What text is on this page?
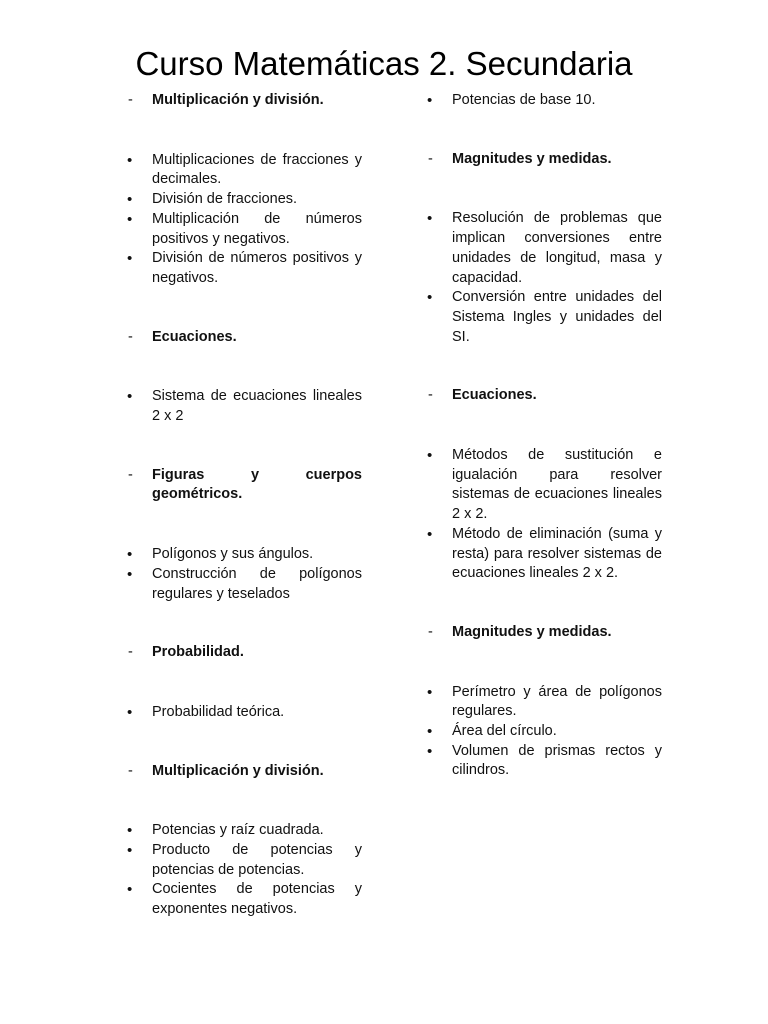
Curso Matemáticas 2. Secundaria
- Multiplicación y división.
• Multiplicaciones de fracciones y decimales.
• División de fracciones.
• Multiplicación de números positivos y negativos.
• División de números positivos y negativos.
- Ecuaciones.
• Sistema de ecuaciones lineales 2 x 2
- Figuras y cuerpos geométricos.
• Polígonos y sus ángulos.
• Construcción de polígonos regulares y teselados
- Probabilidad.
• Probabilidad teórica.
- Multiplicación y división.
• Potencias y raíz cuadrada.
• Producto de potencias y potencias de potencias.
• Cocientes de potencias y exponentes negativos.
• Potencias de base 10.
- Magnitudes y medidas.
• Resolución de problemas que implican conversiones entre unidades de longitud, masa y capacidad.
• Conversión entre unidades del Sistema Ingles y unidades del SI.
- Ecuaciones.
• Métodos de sustitución e igualación para resolver sistemas de ecuaciones lineales 2 x 2.
• Método de eliminación (suma y resta) para resolver sistemas de ecuaciones lineales 2 x 2.
- Magnitudes y medidas.
• Perímetro y área de polígonos regulares.
• Área del círculo.
• Volumen de prismas rectos y cilindros.
